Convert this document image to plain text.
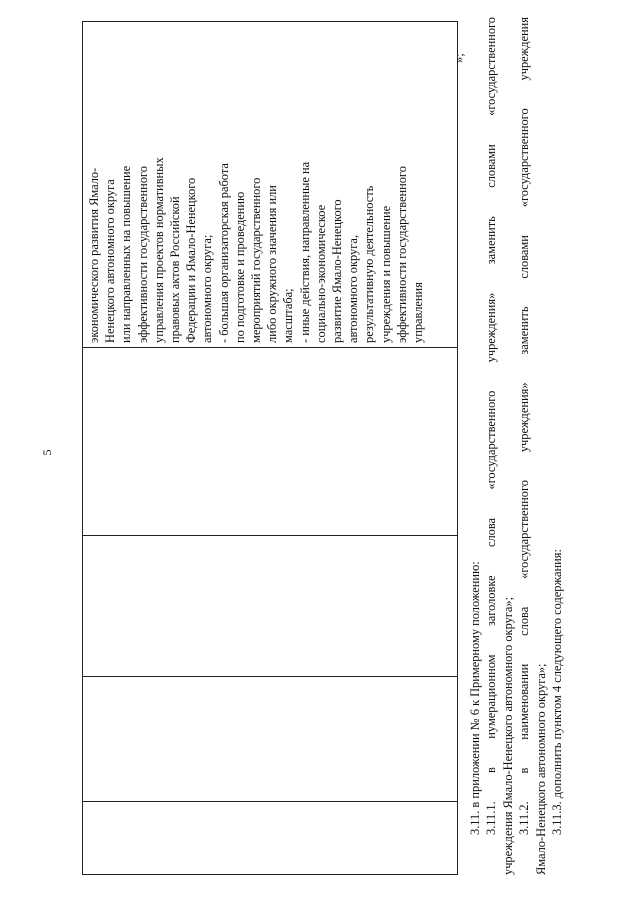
5

экономического развития Ямало- Ненецкого автономного округа или направленных на повышение эффективности государственного управления проектов нормативных правовых актов Российской Федерации и Ямало-Ненецкого автономного округа; - большая организаторская работа по подготовке и проведению мероприятий государственного либо окружного значения или масштаба; - иные действия, направленные на социально-экономическое развитие Ямало-Ненецкого автономного округа, результативную деятельность учреждения и повышение эффективности государственного управления
»;
3.11. в приложении № 6 к Примерному положению: 3.11.1. в нумерационном заголовке слова «государственного учреждения» заменить словами «государственного учреждения Ямало-Ненецкого автономного округа»; 3.11.2. в наименовании слова «государственного учреждения» заменить словами «государственного учреждения Ямало-Ненецкого автономного округа»; 3.11.3. дополнить пунктом 4 следующего содержания:
